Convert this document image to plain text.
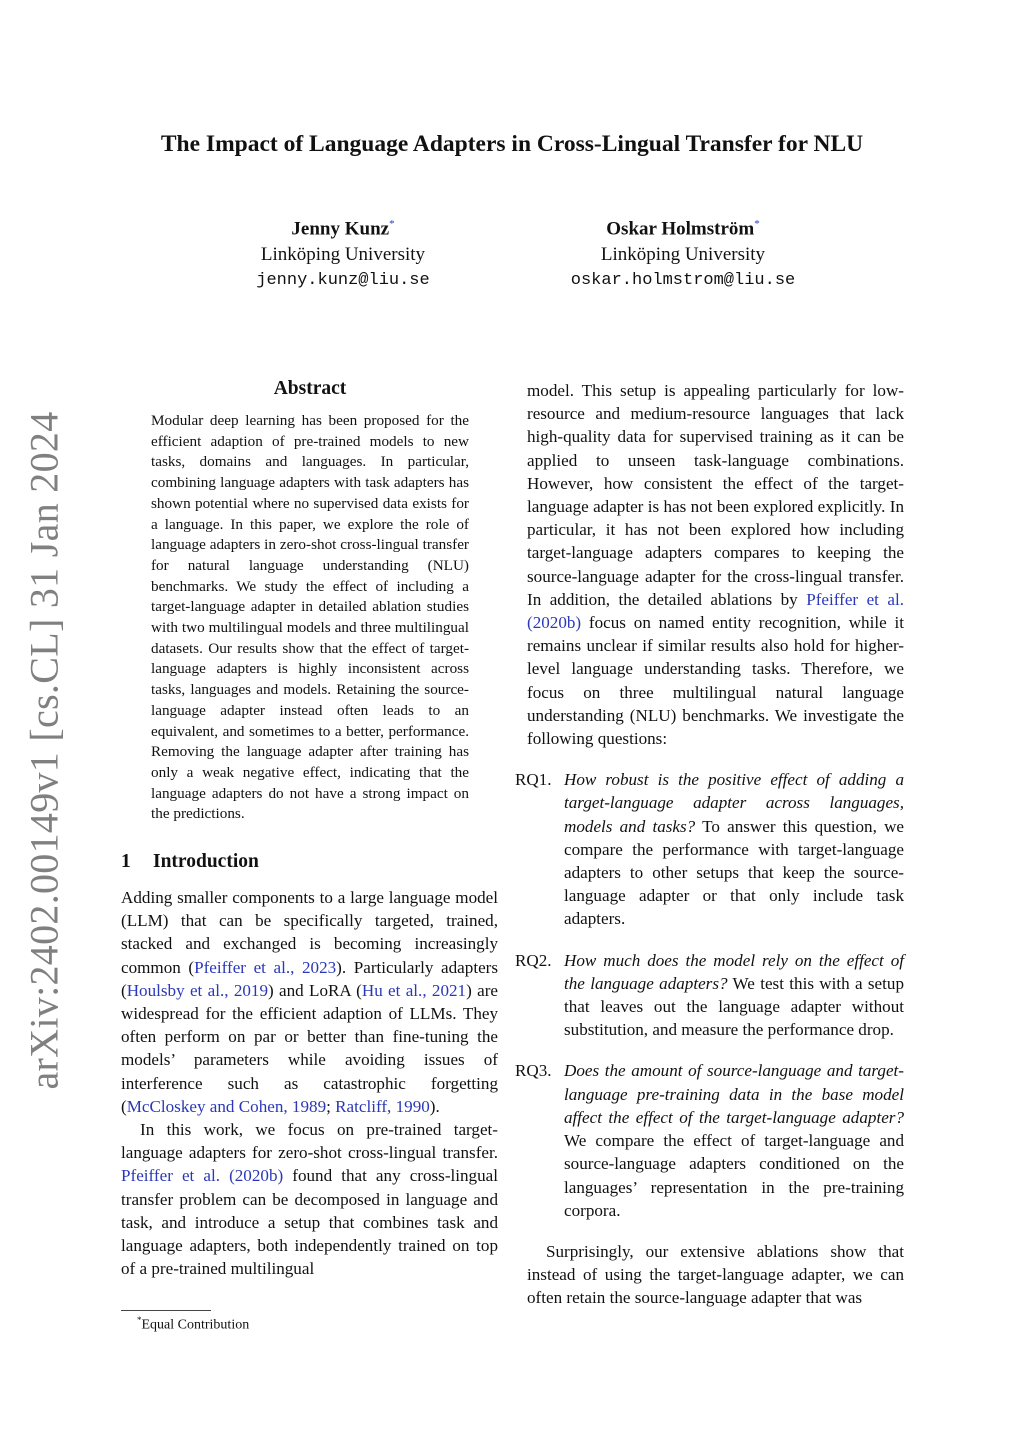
arXiv:2402.00149v1 [cs.CL] 31 Jan 2024
The Impact of Language Adapters in Cross-Lingual Transfer for NLU
Jenny Kunz*
Linköping University
jenny.kunz@liu.se
Oskar Holmström*
Linköping University
oskar.holmstrom@liu.se
Abstract
Modular deep learning has been proposed for the efficient adaption of pre-trained models to new tasks, domains and languages. In particular, combining language adapters with task adapters has shown potential where no supervised data exists for a language. In this paper, we explore the role of language adapters in zero-shot cross-lingual transfer for natural language understanding (NLU) benchmarks. We study the effect of including a target-language adapter in detailed ablation studies with two multilingual models and three multilingual datasets. Our results show that the effect of target-language adapters is highly inconsistent across tasks, languages and models. Retaining the source-language adapter instead often leads to an equivalent, and sometimes to a better, performance. Removing the language adapter after training has only a weak negative effect, indicating that the language adapters do not have a strong impact on the predictions.
1 Introduction

Adding smaller components to a large language model (LLM) that can be specifically targeted, trained, stacked and exchanged is becoming increasingly common (Pfeiffer et al., 2023). Particularly adapters (Houlsby et al., 2019) and LoRA (Hu et al., 2021) are widespread for the efficient adaption of LLMs. They often perform on par or better than fine-tuning the models’ parameters while avoiding issues of interference such as catastrophic forgetting (McCloskey and Cohen, 1989; Ratcliff, 1990).

In this work, we focus on pre-trained target-language adapters for zero-shot cross-lingual transfer. Pfeiffer et al. (2020b) found that any cross-lingual transfer problem can be decomposed in language and task, and introduce a setup that combines task and language adapters, both independently trained on top of a pre-trained multilingual

*Equal Contribution

model. This setup is appealing particularly for low-resource and medium-resource languages that lack high-quality data for supervised training as it can be applied to unseen task-language combinations. However, how consistent the effect of the target-language adapter is has not been explored explicitly. In particular, it has not been explored how including target-language adapters compares to keeping the source-language adapter for the cross-lingual transfer. In addition, the detailed ablations by Pfeiffer et al. (2020b) focus on named entity recognition, while it remains unclear if similar results also hold for higher-level language understanding tasks. Therefore, we focus on three multilingual natural language understanding (NLU) benchmarks. We investigate the following questions:

RQ1. How robust is the positive effect of adding a target-language adapter across languages, models and tasks? To answer this question, we compare the performance with target-language adapters to other setups that keep the source-language adapter or that only include task adapters.
RQ2. How much does the model rely on the effect of the language adapters? We test this with a setup that leaves out the language adapter without substitution, and measure the performance drop.
RQ3. Does the amount of source-language and target-language pre-training data in the base model affect the effect of the target-language adapter? We compare the effect of target-language and source-language adapters conditioned on the languages’ representation in the pre-training corpora.

Surprisingly, our extensive ablations show that instead of using the target-language adapter, we can often retain the source-language adapter that was
